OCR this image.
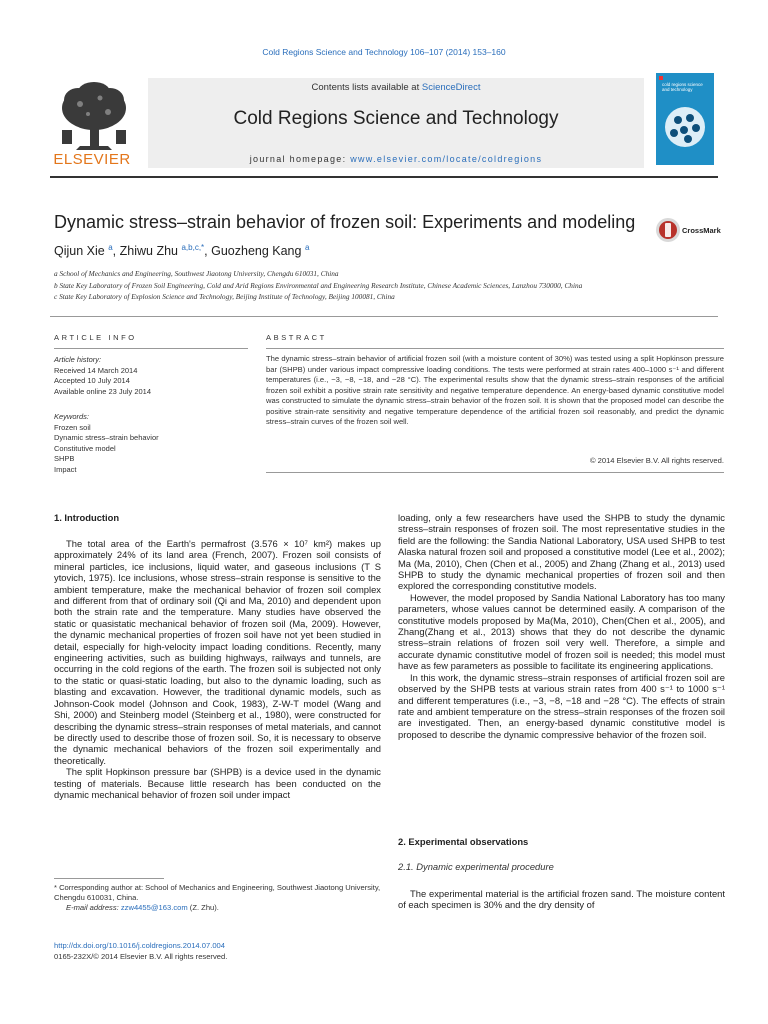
Cold Regions Science and Technology 106–107 (2014) 153–160
Contents lists available at ScienceDirect
Cold Regions Science and Technology
journal homepage: www.elsevier.com/locate/coldregions
ELSEVIER
cold regions science and technology
Dynamic stress–strain behavior of frozen soil: Experiments and modeling	CrossMark
Qijun Xie $^a$, Zhiwu Zhu $^{a,b,c,*}$, Guozheng Kang $^a$
a School of Mechanics and Engineering, Southwest Jiaotong University, Chengdu 610031, China
b State Key Laboratory of Frozen Soil Engineering, Cold and Arid Regions Environmental and Engineering Research Institute, Chinese Academic Sciences, Lanzhou 730000, China
c State Key Laboratory of Explosion Science and Technology, Beijing Institute of Technology, Beijing 100081, China
ARTICLE INFO	ABSTRACT
Article history:
Received 14 March 2014
Accepted 10 July 2014
Available online 23 July 2014
Keywords:
Frozen soil
Dynamic stress–strain behavior
Constitutive model
SHPB
Impact
The dynamic stress–strain behavior of artificial frozen soil (with a moisture content of 30%) was tested using a split Hopkinson pressure bar (SHPB) under various impact compressive loading conditions. The tests were performed at strain rates 400–1000 s⁻¹ and different temperatures (i.e., −3, −8, −18, and −28 °C). The experimental results show that the dynamic stress–strain responses of the artificial frozen soil exhibit a positive strain rate sensitivity and negative temperature dependence. An energy-based dynamic constitutive model was constructed to simulate the dynamic stress–strain behavior of the frozen soil. It is shown that the proposed model can describe the positive strain-rate sensitivity and negative temperature dependence of the artificial frozen soil reasonably, and predict the dynamic stress–strain curves of the frozen soil well.
© 2014 Elsevier B.V. All rights reserved.
1. Introduction

The total area of the Earth's permafrost (3.576 × 10⁷ km²) makes up approximately 24% of its land area (French, 2007). Frozen soil consists of mineral particles, ice inclusions, liquid water, and gaseous inclusions (T S ytovich, 1975). Ice inclusions, whose stress–strain response is sensitive to the ambient temperature, make the mechanical behavior of frozen soil complex and different from that of ordinary soil (Qi and Ma, 2010) and dependent upon both the strain rate and the temperature. Many studies have observed the static or quasistatic mechanical behavior of frozen soil (Ma, 2009). However, the dynamic mechanical properties of frozen soil have not yet been studied in detail, especially for high-velocity impact loading conditions. Recently, many engineering activities, such as building highways, railways and tunnels, are occurring in the cold regions of the earth. The frozen soil is subjected not only to the static or quasi-static loading, but also to the dynamic loading, such as blasting and excavation. However, the traditional dynamic models, such as Johnson-Cook model (Johnson and Cook, 1983), Z-W-T model (Wang and Shi, 2000) and Steinberg model (Steinberg et al., 1980), were constructed for describing the dynamic stress–strain responses of metal materials, and cannot be directly used to describe those of frozen soil. So, it is necessary to observe the dynamic mechanical behaviors of the frozen soil experimentally and theoretically.

The split Hopkinson pressure bar (SHPB) is a device used in the dynamic testing of materials. Because little research has been conducted on the dynamic mechanical behavior of frozen soil under impact

* Corresponding author at: School of Mechanics and Engineering, Southwest Jiaotong University, Chengdu 610031, China.
E-mail address: zzw4455@163.com (Z. Zhu).
http://dx.doi.org/10.1016/j.coldregions.2014.07.004
0165-232X/© 2014 Elsevier B.V. All rights reserved.

loading, only a few researchers have used the SHPB to study the dynamic stress–strain responses of frozen soil. The most representative studies in the field are the following: the Sandia National Laboratory, USA used SHPB to test Alaska natural frozen soil and proposed a constitutive model (Lee et al., 2002); Ma (Ma, 2010), Chen (Chen et al., 2005) and Zhang (Zhang et al., 2013) used SHPB to study the dynamic mechanical properties of frozen soil and then explored the corresponding constitutive models.

However, the model proposed by Sandia National Laboratory has too many parameters, whose values cannot be determined easily. A comparison of the constitutive models proposed by Ma(Ma, 2010), Chen(Chen et al., 2005), and Zhang(Zhang et al., 2013) shows that they do not describe the dynamic stress–strain relations of frozen soil very well. Therefore, a simple and accurate dynamic constitutive model of frozen soil is needed; this model must have as few parameters as possible to facilitate its engineering applications.

In this work, the dynamic stress–strain responses of artificial frozen soil are observed by the SHPB tests at various strain rates from 400 s⁻¹ to 1000 s⁻¹ and different temperatures (i.e., −3, −8, −18 and −28 °C). The effects of strain rate and ambient temperature on the stress–strain responses of the frozen soil are investigated. Then, an energy-based dynamic constitutive model is proposed to describe the dynamic compressive behavior of the frozen soil.

2. Experimental observations
2.1. Dynamic experimental procedure

The experimental material is the artificial frozen sand. The moisture content of each specimen is 30% and the dry density of
